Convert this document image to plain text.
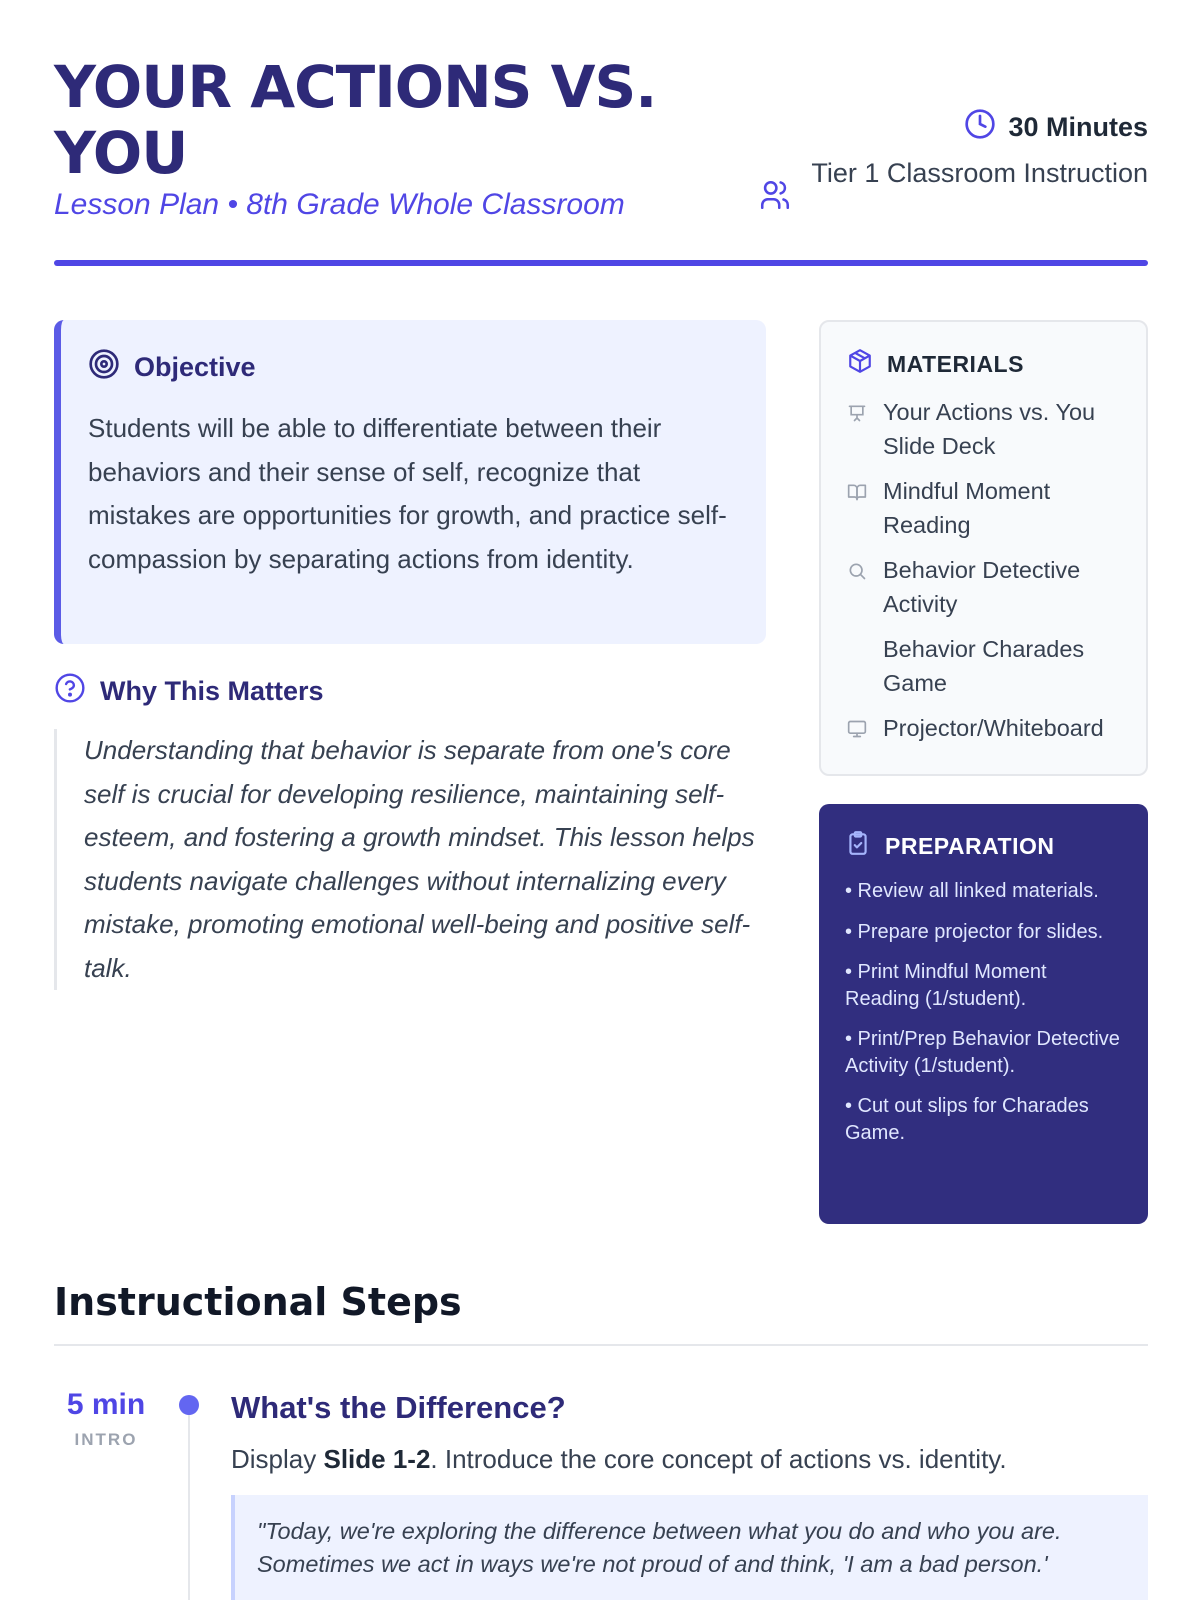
YOUR ACTIONS VS. YOU
Lesson Plan • 8th Grade Whole Classroom
30 Minutes
Tier 1 Classroom Instruction
Objective

Students will be able to differentiate between their behaviors and their sense of self, recognize that mistakes are opportunities for growth, and practice self-compassion by separating actions from identity.

Why This Matters
Understanding that behavior is separate from one's core self is crucial for developing resilience, maintaining self-esteem, and fostering a growth mindset. This lesson helps students navigate challenges without internalizing every mistake, promoting emotional well-being and positive self-talk.
MATERIALS
Your Actions vs. You Slide Deck
Mindful Moment Reading
Behavior Detective Activity
Behavior Charades Game
Projector/Whiteboard
PREPARATION
• Review all linked materials.
• Prepare projector for slides.
• Print Mindful Moment Reading (1/student).
• Print/Prep Behavior Detective Activity (1/student).
• Cut out slips for Charades Game.
Instructional Steps
5 min
INTRO
What's the Difference?
Display Slide 1-2. Introduce the core concept of actions vs. identity.
"Today, we're exploring the difference between what you do and who you are. Sometimes we act in ways we're not proud of and think, 'I am a bad person.'
